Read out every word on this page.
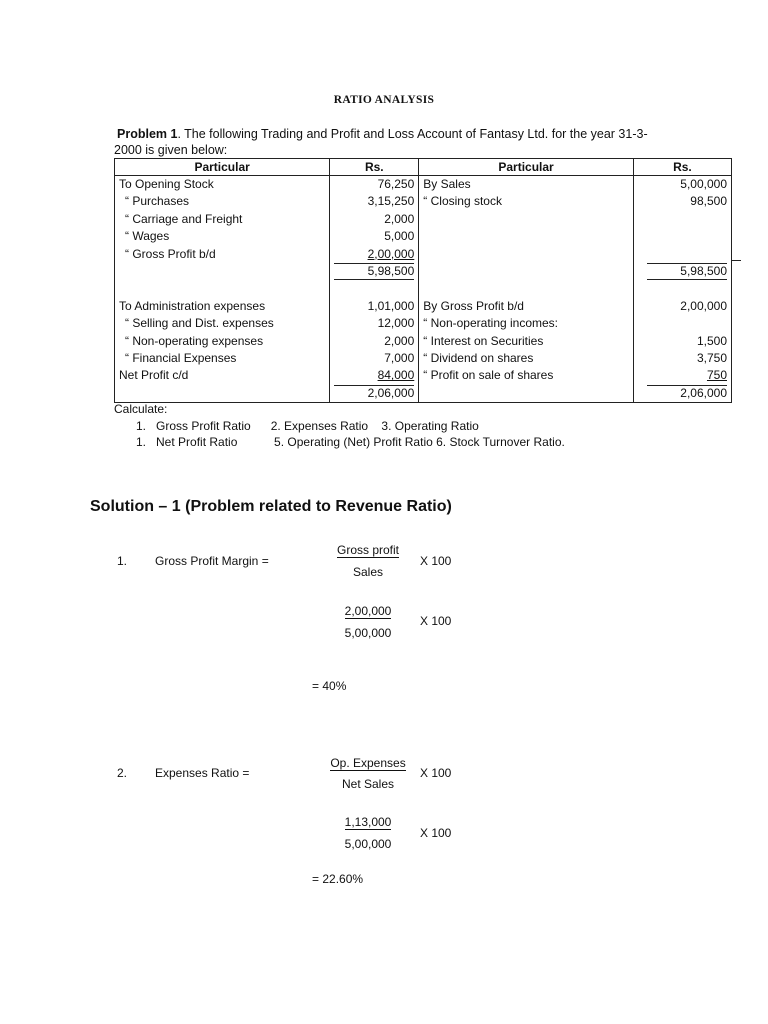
RATIO ANALYSIS
Problem 1. The following Trading and Profit and Loss Account of Fantasy Ltd. for the year 31-3-
2000 is given below:
Particular	Rs.	Particular	Rs.
To Opening Stock	76,250	By Sales	5,00,000
“ Purchases	3,15,250	“ Closing stock	98,500
“ Carriage and Freight	2,000		
“ Wages	5,000		
“ Gross Profit b/d	2,00,000		
	5,98,500		5,98,500

To Administration expenses	1,01,000	By Gross Profit b/d	2,00,000
“ Selling and Dist. expenses	12,000	“ Non-operating incomes:	
“ Non-operating expenses	2,000	“ Interest on Securities	1,500
“ Financial Expenses	7,000	“ Dividend on shares	3,750
Net Profit c/d	84,000	“ Profit on sale of shares	750
	2,06,000		2,06,000
Calculate:
1.   Gross Profit Ratio      2. Expenses Ratio    3. Operating Ratio
1.   Net Profit Ratio           5. Operating (Net) Profit Ratio 6. Stock Turnover Ratio.
Solution – 1 (Problem related to Revenue Ratio)
1. Gross Profit Margin =
Gross profit
Sales
X 100
2,00,000
5,00,000
X 100
= 40%
2. Expenses Ratio =
Op. Expenses
Net Sales
X 100
1,13,000
5,00,000
X 100
= 22.60%
